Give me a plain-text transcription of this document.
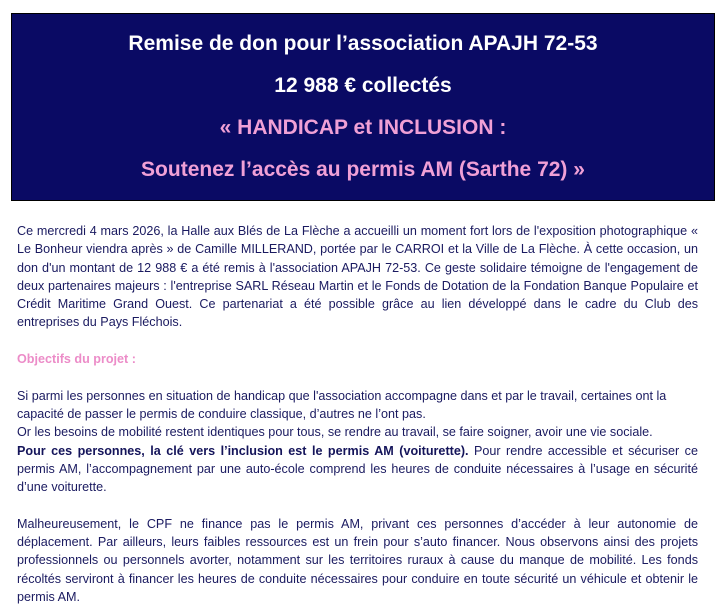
Remise de don pour l’association APAJH 72-53
12 988 € collectés
« HANDICAP et INCLUSION :
Soutenez l’accès au permis AM (Sarthe 72) »

Ce mercredi 4 mars 2026, la Halle aux Blés de La Flèche a accueilli un moment fort lors de l'exposition photographique « Le Bonheur viendra après » de Camille MILLERAND, portée par le CARROI et la Ville de La Flèche. À cette occasion, un don d'un montant de 12 988 € a été remis à l'association APAJH 72-53. Ce geste solidaire témoigne de l'engagement de deux partenaires majeurs : l'entreprise SARL Réseau Martin et le Fonds de Dotation de la Fondation Banque Populaire et Crédit Maritime Grand Ouest. Ce partenariat a été possible grâce au lien développé dans le cadre du Club des entreprises du Pays Fléchois.

Objectifs du projet :

Si parmi les personnes en situation de handicap que l'association accompagne dans et par le travail, certaines ont la capacité de passer le permis de conduire classique, d’autres ne l’ont pas.

Or les besoins de mobilité restent identiques pour tous, se rendre au travail, se faire soigner, avoir une vie sociale.

Pour ces personnes, la clé vers l’inclusion est le permis AM (voiturette). Pour rendre accessible et sécuriser ce permis AM, l’accompagnement par une auto-école comprend les heures de conduite nécessaires à l’usage en sécurité d’une voiturette.

Malheureusement, le CPF ne finance pas le permis AM, privant ces personnes d’accéder à leur autonomie de déplacement. Par ailleurs, leurs faibles ressources est un frein pour s’auto financer. Nous observons ainsi des projets professionnels ou personnels avorter, notamment sur les territoires ruraux à cause du manque de mobilité. Les fonds récoltés serviront à financer les heures de conduite nécessaires pour conduire en toute sécurité un véhicule et obtenir le permis AM.
